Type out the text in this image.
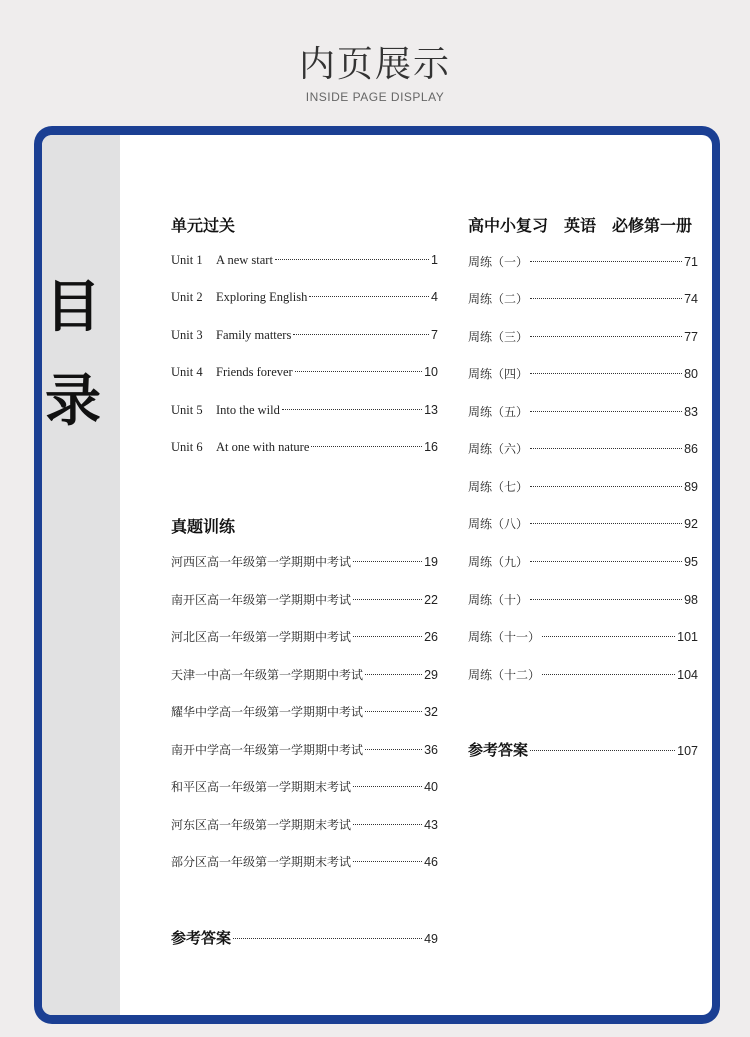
内页展示
INSIDE PAGE DISPLAY
目
录
单元过关
Unit 1	A new start	1
Unit 2	Exploring English	4
Unit 3	Family matters	7
Unit 4	Friends forever	10
Unit 5	Into the wild	13
Unit 6	At one with nature	16
真题训练
河西区高一年级第一学期期中考试	19
南开区高一年级第一学期期中考试	22
河北区高一年级第一学期期中考试	26
天津一中高一年级第一学期期中考试	29
耀华中学高一年级第一学期期中考试	32
南开中学高一年级第一学期期中考试	36
和平区高一年级第一学期期末考试	40
河东区高一年级第一学期期末考试	43
部分区高一年级第一学期期末考试	46
参考答案	49
高中小复习　英语　必修第一册
周练（一）	71
周练（二）	74
周练（三）	77
周练（四）	80
周练（五）	83
周练（六）	86
周练（七）	89
周练（八）	92
周练（九）	95
周练（十）	98
周练（十一）	101
周练（十二）	104
参考答案	107
